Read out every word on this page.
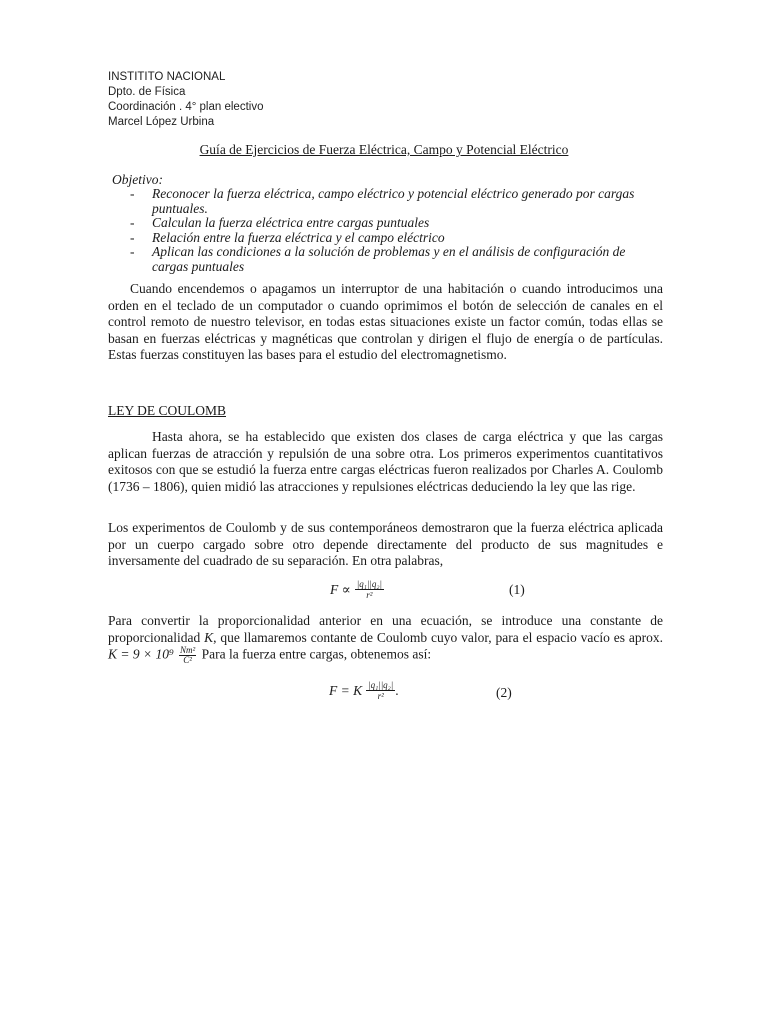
INSTITITO NACIONAL
Dpto. de Física
Coordinación . 4° plan electivo
Marcel López Urbina
Guía de Ejercicios de Fuerza Eléctrica, Campo y Potencial Eléctrico
Objetivo:
- Reconocer la fuerza eléctrica, campo eléctrico y potencial eléctrico generado por cargas puntuales.
- Calculan la fuerza eléctrica entre cargas puntuales
- Relación entre la fuerza eléctrica y el campo eléctrico
- Aplican las condiciones a la solución de problemas y en el análisis de configuración de cargas puntuales

Cuando encendemos o apagamos un interruptor de una habitación o cuando introducimos una orden en el teclado de un computador o cuando oprimimos el botón de selección de canales en el control remoto de nuestro televisor, en todas estas situaciones existe un factor común, todas ellas se basan en fuerzas eléctricas y magnéticas que controlan y dirigen el flujo de energía o de partículas. Estas fuerzas constituyen las bases para el estudio del electromagnetismo.

LEY DE COULOMB

Hasta ahora, se ha establecido que existen dos clases de carga eléctrica y que las cargas aplican fuerzas de atracción y repulsión de una sobre otra. Los primeros experimentos cuantitativos exitosos con que se estudió la fuerza entre cargas eléctricas fueron realizados por Charles A. Coulomb (1736 – 1806), quien midió las atracciones y repulsiones eléctricas deduciendo la ley que las rige.

Los experimentos de Coulomb y de sus contemporáneos demostraron que la fuerza eléctrica aplicada por un cuerpo cargado sobre otro depende directamente del producto de sus magnitudes e inversamente del cuadrado de su separación. En otra palabras,

$F \propto \frac{\text{|q₁||q₂|}}{\text{r²}}$	(1)

Para convertir la proporcionalidad anterior en una ecuación, se introduce una constante de proporcionalidad K, que llamaremos contante de Coulomb cuyo valor, para el espacio vacío es aprox. $K = 9 \times 10^9 \frac{\text{Nm²}}{\text{C²}}$ Para la fuerza entre cargas, obtenemos así:

F = K $\frac{\text{|q₁||q₂|}}{\text{r²}}$ .	(2)
